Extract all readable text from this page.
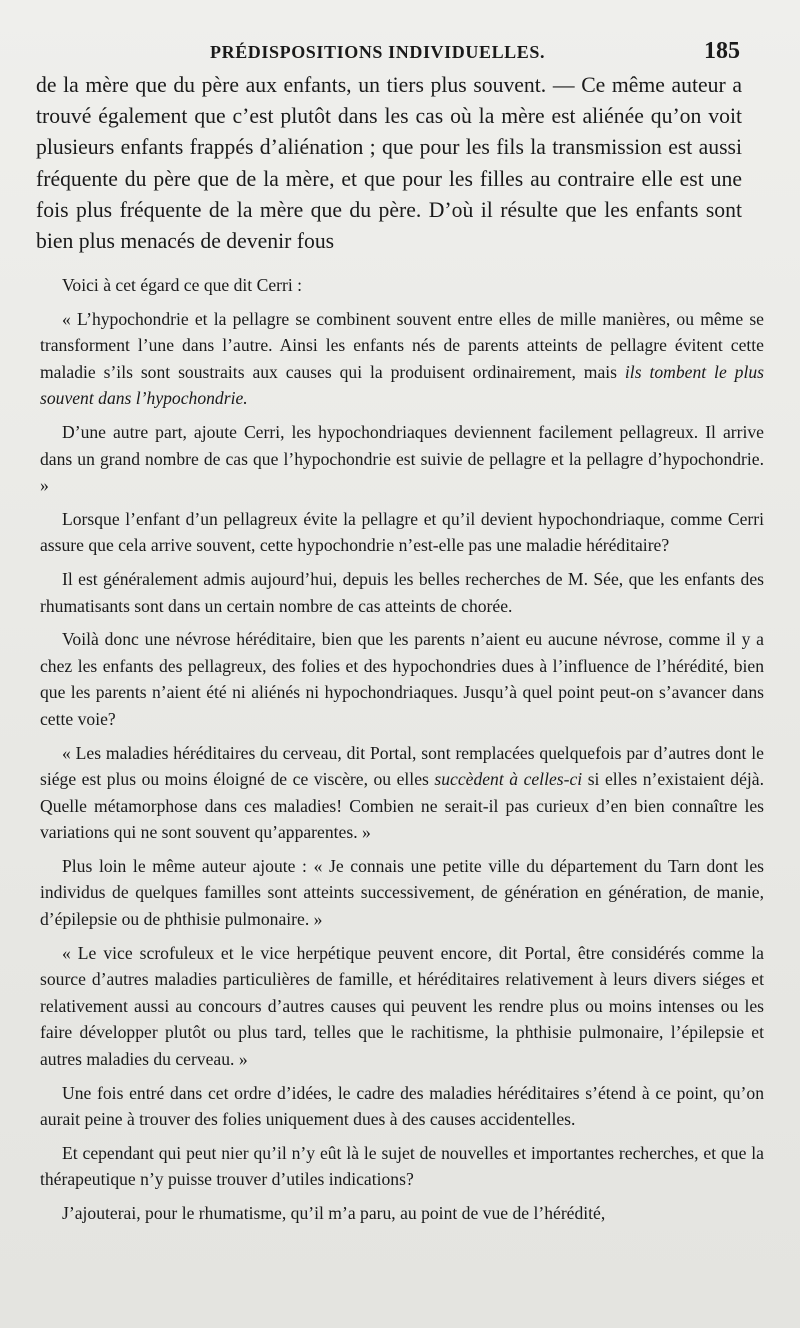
PRÉDISPOSITIONS INDIVIDUELLES.	185

de la mère que du père aux enfants, un tiers plus souvent. — Ce même auteur a trouvé également que c’est plutôt dans les cas où la mère est aliénée qu’on voit plusieurs enfants frappés d’aliénation ; que pour les fils la transmission est aussi fréquente du père que de la mère, et que pour les filles au contraire elle est une fois plus fréquente de la mère que du père. D’où il résulte que les enfants sont bien plus menacés de devenir fous

Voici à cet égard ce que dit Cerri :

« L’hypochondrie et la pellagre se combinent souvent entre elles de mille manières, ou même se transforment l’une dans l’autre. Ainsi les enfants nés de parents atteints de pellagre évitent cette maladie s’ils sont soustraits aux causes qui la produisent ordinairement, mais ils tombent le plus souvent dans l’hypochondrie.

D’une autre part, ajoute Cerri, les hypochondriaques deviennent facilement pellagreux. Il arrive dans un grand nombre de cas que l’hypochondrie est suivie de pellagre et la pellagre d’hypochondrie. »

Lorsque l’enfant d’un pellagreux évite la pellagre et qu’il devient hypochondriaque, comme Cerri assure que cela arrive souvent, cette hypochondrie n’est-elle pas une maladie héréditaire?

Il est généralement admis aujourd’hui, depuis les belles recherches de M. Sée, que les enfants des rhumatisants sont dans un certain nombre de cas atteints de chorée.

Voilà donc une névrose héréditaire, bien que les parents n’aient eu aucune névrose, comme il y a chez les enfants des pellagreux, des folies et des hypochondries dues à l’influence de l’hérédité, bien que les parents n’aient été ni aliénés ni hypochondriaques. Jusqu’à quel point peut-on s’avancer dans cette voie?

« Les maladies héréditaires du cerveau, dit Portal, sont remplacées quelquefois par d’autres dont le siége est plus ou moins éloigné de ce viscère, ou elles succèdent à celles-ci si elles n’existaient déjà. Quelle métamorphose dans ces maladies! Combien ne serait-il pas curieux d’en bien connaître les variations qui ne sont souvent qu’apparentes. »

Plus loin le même auteur ajoute : « Je connais une petite ville du département du Tarn dont les individus de quelques familles sont atteints successivement, de génération en génération, de manie, d’épilepsie ou de phthisie pulmonaire. »

« Le vice scrofuleux et le vice herpétique peuvent encore, dit Portal, être considérés comme la source d’autres maladies particulières de famille, et héréditaires relativement à leurs divers siéges et relativement aussi au concours d’autres causes qui peuvent les rendre plus ou moins intenses ou les faire développer plutôt ou plus tard, telles que le rachitisme, la phthisie pulmonaire, l’épilepsie et autres maladies du cerveau. »

Une fois entré dans cet ordre d’idées, le cadre des maladies héréditaires s’étend à ce point, qu’on aurait peine à trouver des folies uniquement dues à des causes accidentelles.

Et cependant qui peut nier qu’il n’y eût là le sujet de nouvelles et importantes recherches, et que la thérapeutique n’y puisse trouver d’utiles indications?

J’ajouterai, pour le rhumatisme, qu’il m’a paru, au point de vue de l’hérédité,
